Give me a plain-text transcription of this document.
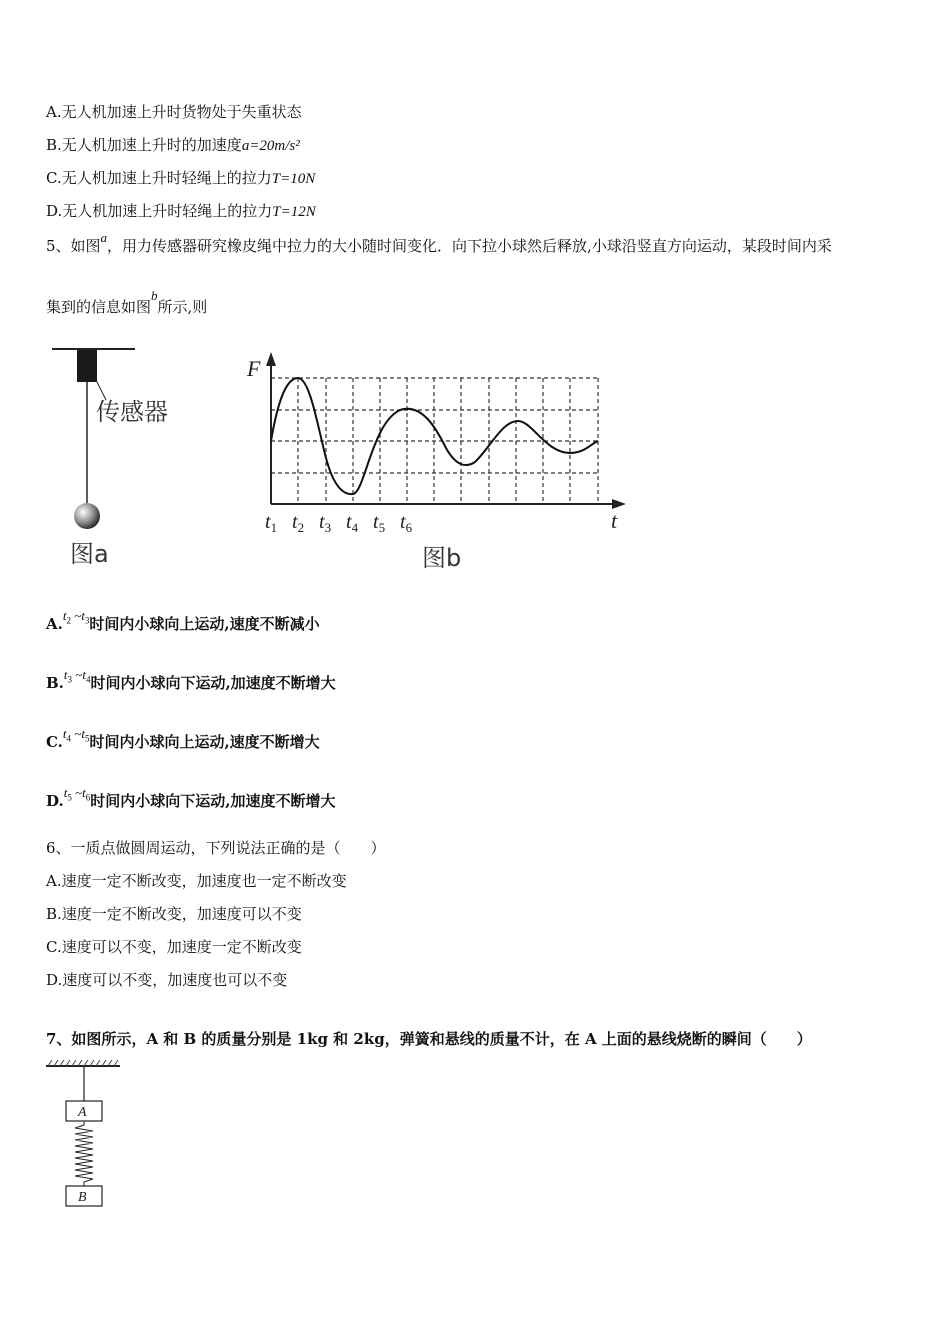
A.无人机加速上升时货物处于失重状态
B.无人机加速上升时的加速度a=20m/s²
C.无人机加速上升时轻绳上的拉力T=10N
D.无人机加速上升时轻绳上的拉力T=12N
5、如图a，用力传感器研究橡皮绳中拉力的大小随时间变化．向下拉小球然后释放,小球沿竖直方向运动，某段时间内采
集到的信息如图b所示,则
传感器
图a
F
t
$t_1$ $t_2$ $t_3$ $t_4$ $t_5$ $t_6$
图b
$A.t_2$ $\sim t_3$时间内小球向上运动,速度不断减小
$B.t_3$ $\sim t_4$时间内小球向下运动,加速度不断增大
$C.t_4$ $\sim t_5$时间内小球向上运动,速度不断增大
$D.t_5$ $\sim t_6$时间内小球向下运动,加速度不断增大
6、一质点做圆周运动，下列说法正确的是（　　）
A.速度一定不断改变，加速度也一定不断改变
B.速度一定不断改变，加速度可以不变
C.速度可以不变，加速度一定不断改变
D.速度可以不变，加速度也可以不变
7、如图所示，A 和 B 的质量分别是 1kg 和 2kg，弹簧和悬线的质量不计，在 A 上面的悬线烧断的瞬间（　　）
A
B
